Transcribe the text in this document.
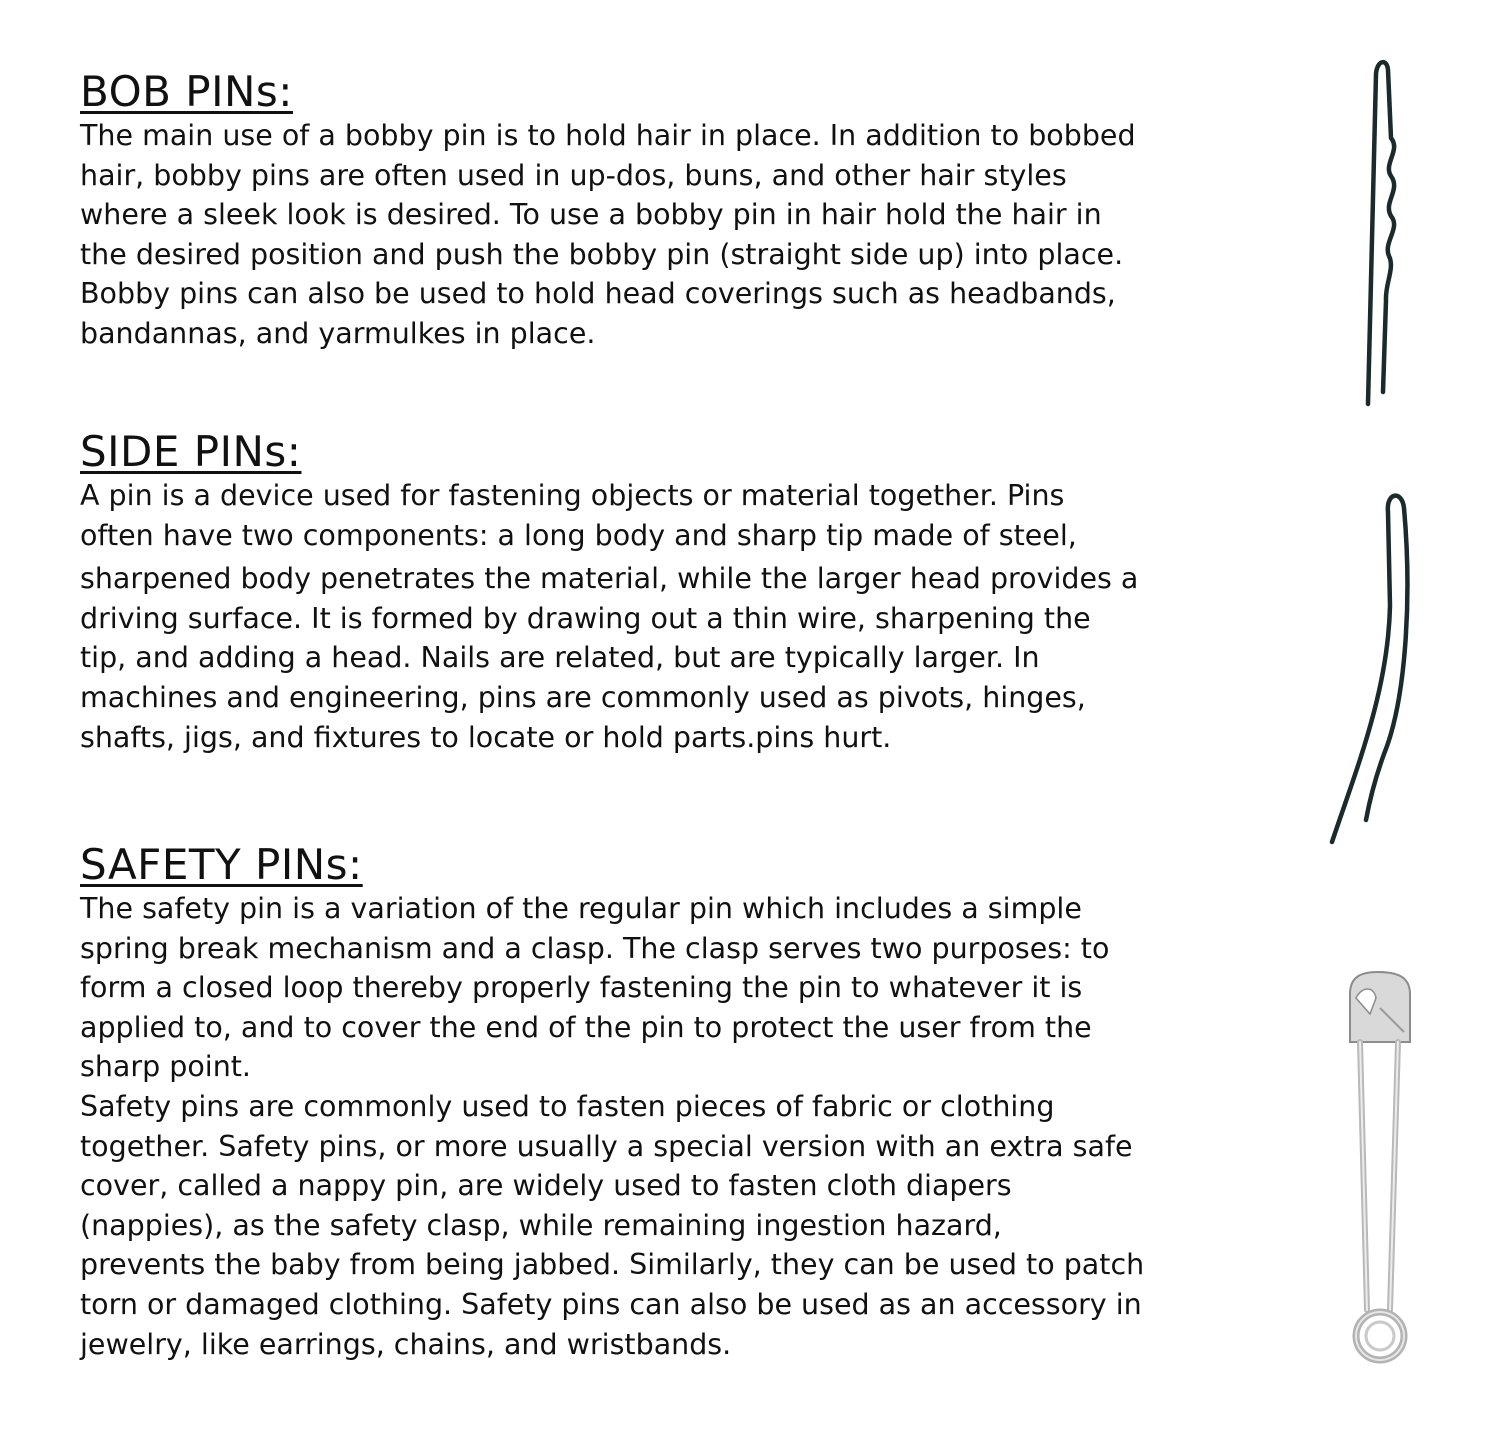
BOB PINs:

The main use of a bobby pin is to hold hair in place. In addition to bobbed
hair, bobby pins are often used in up-dos, buns, and other hair styles
where a sleek look is desired. To use a bobby pin in hair hold the hair in
the desired position and push the bobby pin (straight side up) into place.
Bobby pins can also be used to hold head coverings such as headbands,
bandannas, and yarmulkes in place.

SIDE PINs:

A pin is a device used for fastening objects or material together. Pins
often have two components: a long body and sharp tip made of steel,
sharpened body penetrates the material, while the larger head provides a
driving surface. It is formed by drawing out a thin wire, sharpening the
tip, and adding a head. Nails are related, but are typically larger. In
machines and engineering, pins are commonly used as pivots, hinges,
shafts, jigs, and fixtures to locate or hold parts.pins hurt.

SAFETY PINs:

The safety pin is a variation of the regular pin which includes a simple
spring break mechanism and a clasp. The clasp serves two purposes: to
form a closed loop thereby properly fastening the pin to whatever it is
applied to, and to cover the end of the pin to protect the user from the
sharp point.
Safety pins are commonly used to fasten pieces of fabric or clothing
together. Safety pins, or more usually a special version with an extra safe
cover, called a nappy pin, are widely used to fasten cloth diapers
(nappies), as the safety clasp, while remaining ingestion hazard,
prevents the baby from being jabbed. Similarly, they can be used to patch
torn or damaged clothing. Safety pins can also be used as an accessory in
jewelry, like earrings, chains, and wristbands.
